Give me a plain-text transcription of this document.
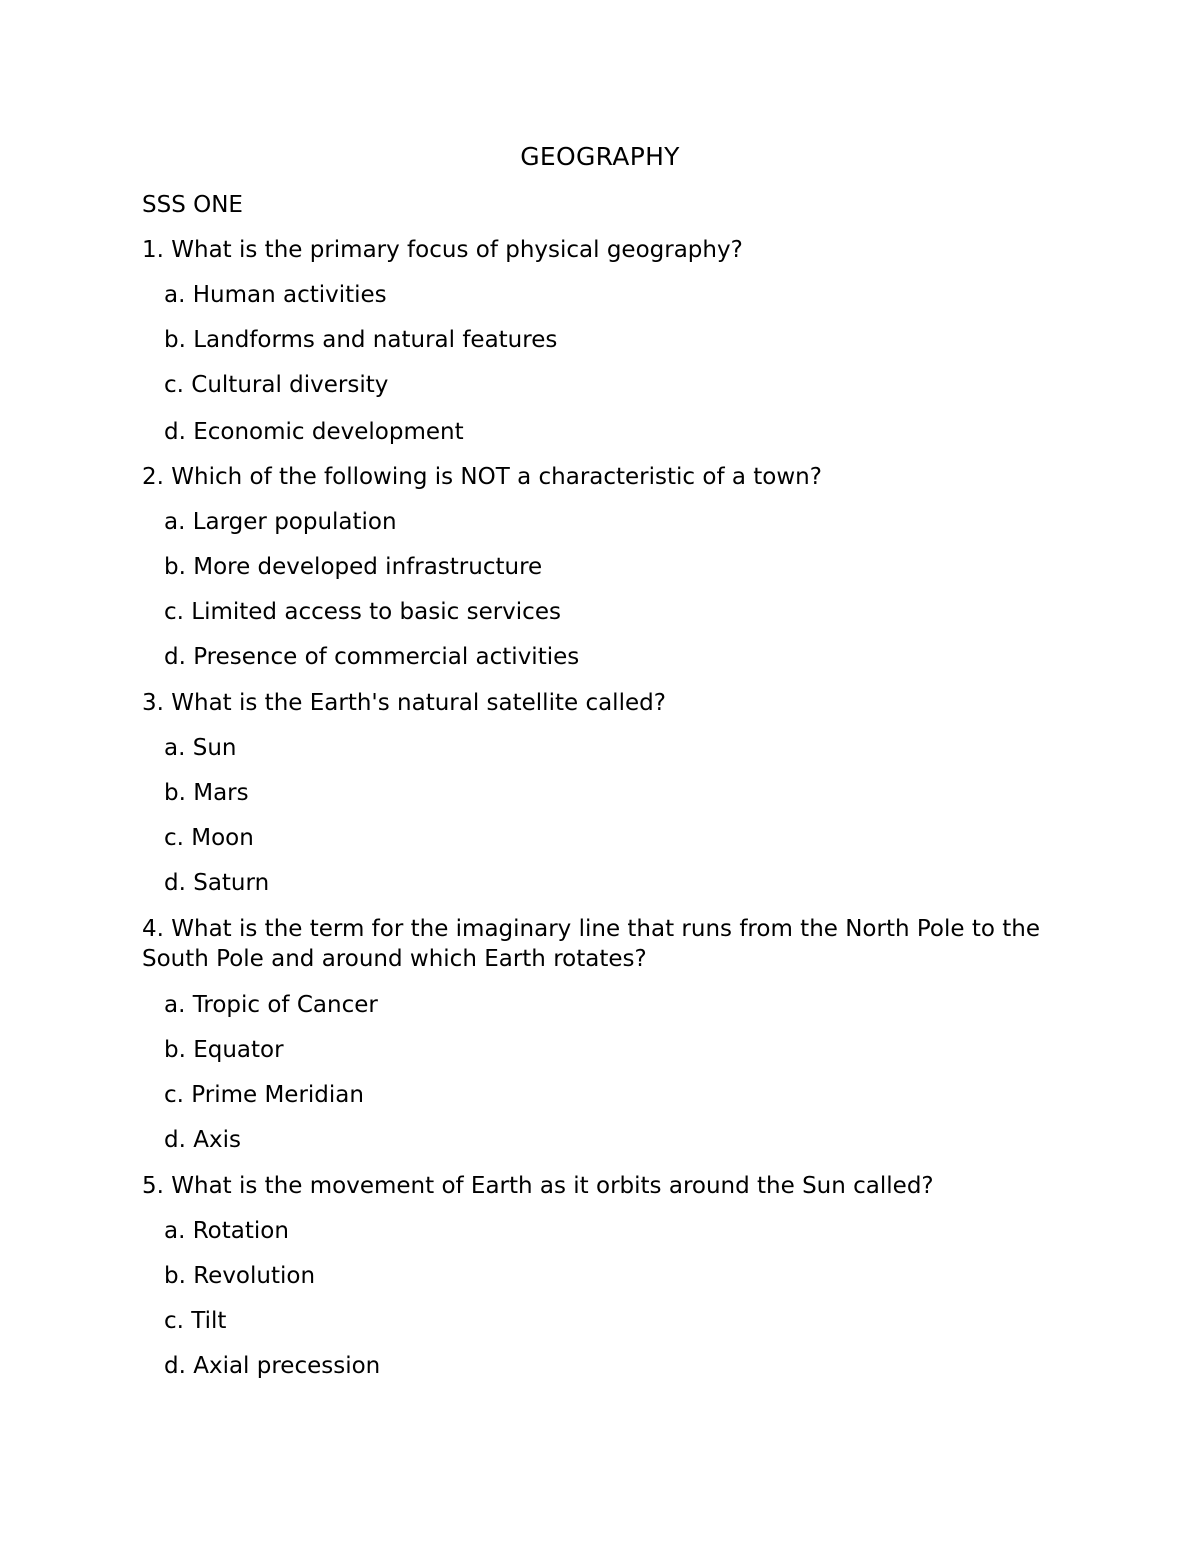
GEOGRAPHY
SSS ONE
1. What is the primary focus of physical geography?
a. Human activities
b. Landforms and natural features
c. Cultural diversity
d. Economic development
2. Which of the following is NOT a characteristic of a town?
a. Larger population
b. More developed infrastructure
c. Limited access to basic services
d. Presence of commercial activities
3. What is the Earth's natural satellite called?
a. Sun
b. Mars
c. Moon
d. Saturn
4. What is the term for the imaginary line that runs from the North Pole to the South Pole and around which Earth rotates?
a. Tropic of Cancer
b. Equator
c. Prime Meridian
d. Axis
5. What is the movement of Earth as it orbits around the Sun called?
a. Rotation
b. Revolution
c. Tilt
d. Axial precession
